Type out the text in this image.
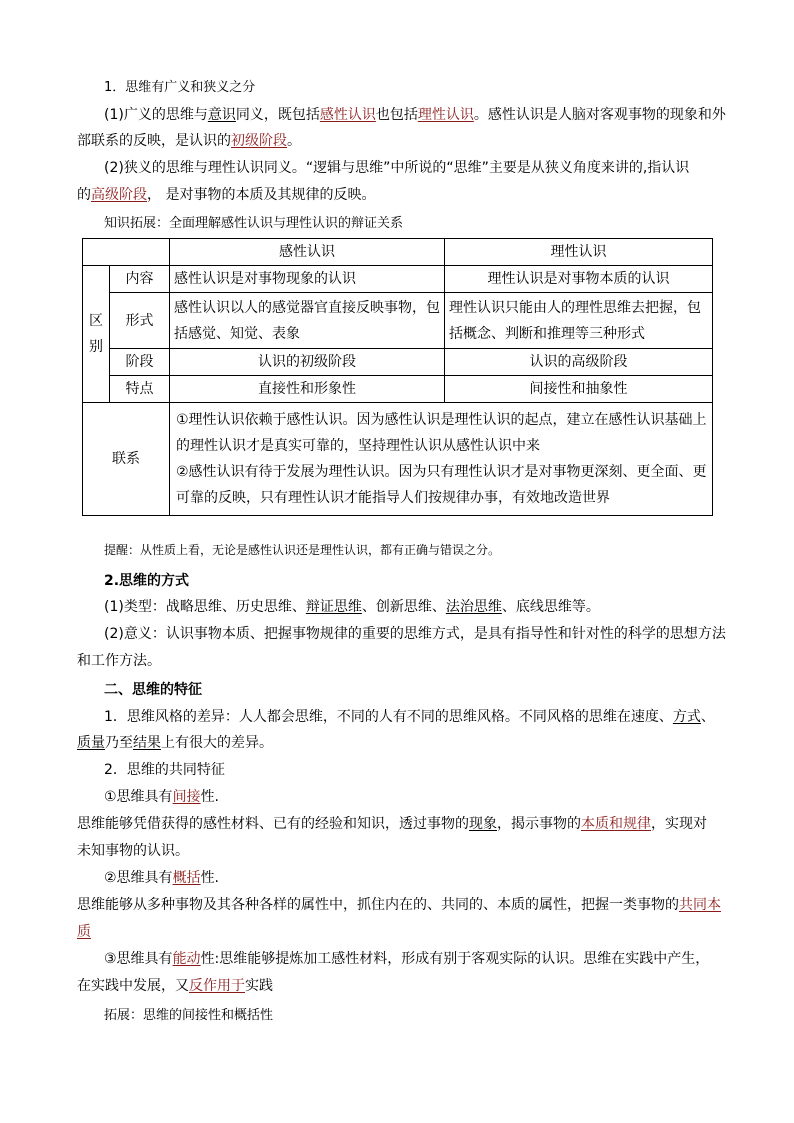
1．思维有广义和狭义之分
(1)广义的思维与意识同义，既包括感性认识也包括理性认识。感性认识是人脑对客观事物的现象和外
部联系的反映，是认识的初级阶段。
(2)狭义的思维与理性认识同义。“逻辑与思维”中所说的“思维”主要是从狭义角度来讲的,指认识
的高级阶段， 是对事物的本质及其规律的反映。
知识拓展：全面理解感性认识与理性认识的辩证关系
		感性认识	理性认识
区别	内容	感性认识是对事物现象的认识	理性认识是对事物本质的认识
	形式	感性认识以人的感觉器官直接反映事物，包括感觉、知觉、表象	理性认识只能由人的理性思维去把握，包括概念、判断和推理等三种形式
	阶段	认识的初级阶段	认识的高级阶段
	特点	直接性和形象性	间接性和抽象性
联系		①理性认识依赖于感性认识。因为感性认识是理性认识的起点，建立在感性认识基础上
的理性认识才是真实可靠的，坚持理性认识从感性认识中来
②感性认识有待于发展为理性认识。因为只有理性认识才是对事物更深刻、更全面、更
可靠的反映，只有理性认识才能指导人们按规律办事，有效地改造世界	
提醒：从性质上看，无论是感性认识还是理性认识，都有正确与错误之分。
2.思维的方式
(1)类型：战略思维、历史思维、辩证思维、创新思维、法治思维、底线思维等。
(2)意义：认识事物本质、把握事物规律的重要的思维方式，是具有指导性和针对性的科学的思想方法
和工作方法。
二、思维的特征
1．思维风格的差异：人人都会思维，不同的人有不同的思维风格。不同风格的思维在速度、方式、
质量乃至结果上有很大的差异。
2．思维的共同特征
①思维具有间接性.
思维能够凭借获得的感性材料、已有的经验和知识，透过事物的现象，揭示事物的本质和规律，实现对
未知事物的认识。
②思维具有概括性.
思维能够从多种事物及其各种各样的属性中，抓住内在的、共同的、本质的属性，把握一类事物的共同本
质
③思维具有能动性:思维能够提炼加工感性材料，形成有别于客观实际的认识。思维在实践中产生，
在实践中发展，又反作用于实践
拓展：思维的间接性和概括性
